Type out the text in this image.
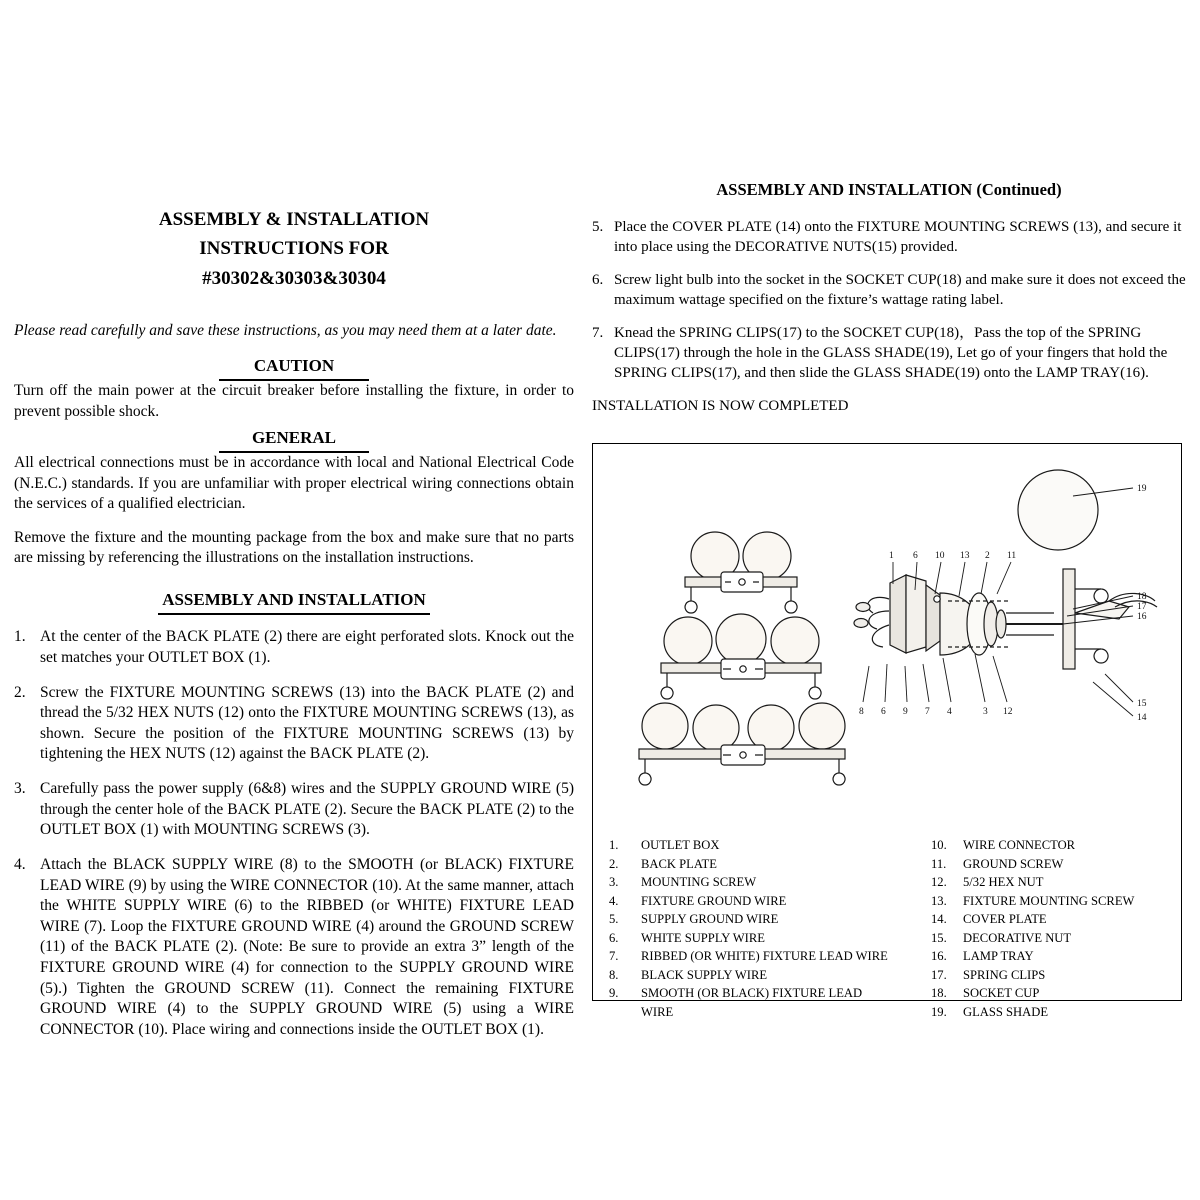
ASSEMBLY & INSTALLATION
INSTRUCTIONS FOR
#30302&30303&30304

Please read carefully and save these instructions, as you may need them at a later date.

CAUTION

Turn off the main power at the circuit breaker before installing the fixture, in order to prevent possible shock.

GENERAL

All electrical connections must be in accordance with local and National Electrical Code (N.E.C.) standards. If you are unfamiliar with proper electrical wiring connections obtain the services of a qualified electrician.

Remove the fixture and the mounting package from the box and make sure that no parts are missing by referencing the illustrations on the installation instructions.

ASSEMBLY AND INSTALLATION
1. At the center of the BACK PLATE (2) there are eight perforated slots. Knock out the set matches your OUTLET BOX (1).
2. Screw the FIXTURE MOUNTING SCREWS (13) into the BACK PLATE (2) and thread the 5/32 HEX NUTS (12) onto the FIXTURE MOUNTING SCREWS (13), as shown. Secure the position of the FIXTURE MOUNTING SCREWS (13) by tightening the HEX NUTS (12) against the BACK PLATE (2).
3. Carefully pass the power supply (6&8) wires and the SUPPLY GROUND WIRE (5) through the center hole of the BACK PLATE (2). Secure the BACK PLATE (2) to the OUTLET BOX (1) with MOUNTING SCREWS (3).
4. Attach the BLACK SUPPLY WIRE (8) to the SMOOTH (or BLACK) FIXTURE LEAD WIRE (9) by using the WIRE CONNECTOR (10). At the same manner, attach the WHITE SUPPLY WIRE (6) to the RIBBED (or WHITE) FIXTURE LEAD WIRE (7). Loop the FIXTURE GROUND WIRE (4) around the GROUND SCREW (11) of the BACK PLATE (2). (Note: Be sure to provide an extra 3” length of the FIXTURE GROUND WIRE (4) for connection to the SUPPLY GROUND WIRE (5).) Tighten the GROUND SCREW (11). Connect the remaining FIXTURE GROUND WIRE (4) to the SUPPLY GROUND WIRE (5) using a WIRE CONNECTOR (10). Place wiring and connections inside the OUTLET BOX (1).
ASSEMBLY AND INSTALLATION (Continued)
5. Place the COVER PLATE (14) onto the FIXTURE MOUNTING SCREWS (13), and secure it into place using the DECORATIVE NUTS(15) provided.
6. Screw light bulb into the socket in the SOCKET CUP(18) and make sure it does not exceed the maximum wattage specified on the fixture’s wattage rating label.
7. Knead the SPRING CLIPS(17) to the SOCKET CUP(18)，Pass the top of the SPRING CLIPS(17) through the hole in the GLASS SHADE(19), Let go of your fingers that hold the SPRING CLIPS(17), and then slide the GLASS SHADE(19) onto the LAMP TRAY(16).
INSTALLATION IS NOW COMPLETED
1 6 10 13 2 11
8 6 9 7 4	3 12
19
18
17
16
15
14
1. OUTLET BOX
2. BACK PLATE
3. MOUNTING SCREW
4. FIXTURE GROUND WIRE
5. SUPPLY GROUND WIRE
6. WHITE SUPPLY WIRE
7. RIBBED (OR WHITE) FIXTURE LEAD WIRE
8. BLACK SUPPLY WIRE
9. SMOOTH (OR BLACK) FIXTURE LEAD
WIRE
10. WIRE CONNECTOR
11. GROUND SCREW
12. 5/32 HEX NUT
13. FIXTURE MOUNTING SCREW
14. COVER PLATE
15. DECORATIVE NUT
16. LAMP TRAY
17. SPRING CLIPS
18. SOCKET CUP
19. GLASS SHADE
